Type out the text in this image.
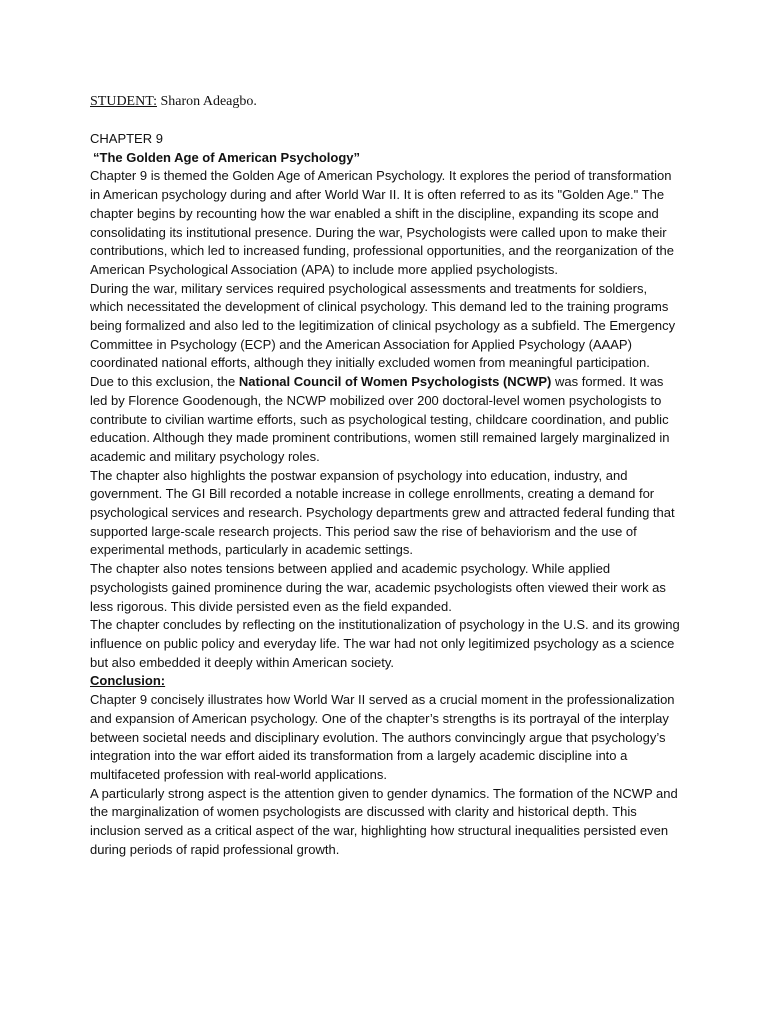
STUDENT: Sharon Adeagbo.

CHAPTER 9

“The Golden Age of American Psychology”

Chapter 9 is themed the Golden Age of American Psychology. It explores the period of transformation in American psychology during and after World War II. It is often referred to as its "Golden Age." The chapter begins by recounting how the war enabled a shift in the discipline, expanding its scope and consolidating its institutional presence. During the war, Psychologists were called upon to make their contributions, which led to increased funding, professional opportunities, and the reorganization of the American Psychological Association (APA) to include more applied psychologists.

During the war, military services required psychological assessments and treatments for soldiers, which necessitated the development of clinical psychology. This demand led to the training programs being formalized and also led to the legitimization of clinical psychology as a subfield. The Emergency Committee in Psychology (ECP) and the American Association for Applied Psychology (AAAP) coordinated national efforts, although they initially excluded women from meaningful participation.

Due to this exclusion, the National Council of Women Psychologists (NCWP) was formed. It was led by Florence Goodenough, the NCWP mobilized over 200 doctoral-level women psychologists to contribute to civilian wartime efforts, such as psychological testing, childcare coordination, and public education. Although they made prominent contributions, women still remained largely marginalized in academic and military psychology roles.

The chapter also highlights the postwar expansion of psychology into education, industry, and government. The GI Bill recorded a notable increase in college enrollments, creating a demand for psychological services and research. Psychology departments grew and attracted federal funding that supported large-scale research projects. This period saw the rise of behaviorism and the use of experimental methods, particularly in academic settings.

The chapter also notes tensions between applied and academic psychology. While applied psychologists gained prominence during the war, academic psychologists often viewed their work as less rigorous. This divide persisted even as the field expanded.

The chapter concludes by reflecting on the institutionalization of psychology in the U.S. and its growing influence on public policy and everyday life. The war had not only legitimized psychology as a science but also embedded it deeply within American society.

Conclusion:

Chapter 9 concisely illustrates how World War II served as a crucial moment in the professionalization and expansion of American psychology. One of the chapter’s strengths is its portrayal of the interplay between societal needs and disciplinary evolution. The authors convincingly argue that psychology’s integration into the war effort aided its transformation from a largely academic discipline into a multifaceted profession with real-world applications.

A particularly strong aspect is the attention given to gender dynamics. The formation of the NCWP and the marginalization of women psychologists are discussed with clarity and historical depth. This inclusion served as a critical aspect of the war, highlighting how structural inequalities persisted even during periods of rapid professional growth.
